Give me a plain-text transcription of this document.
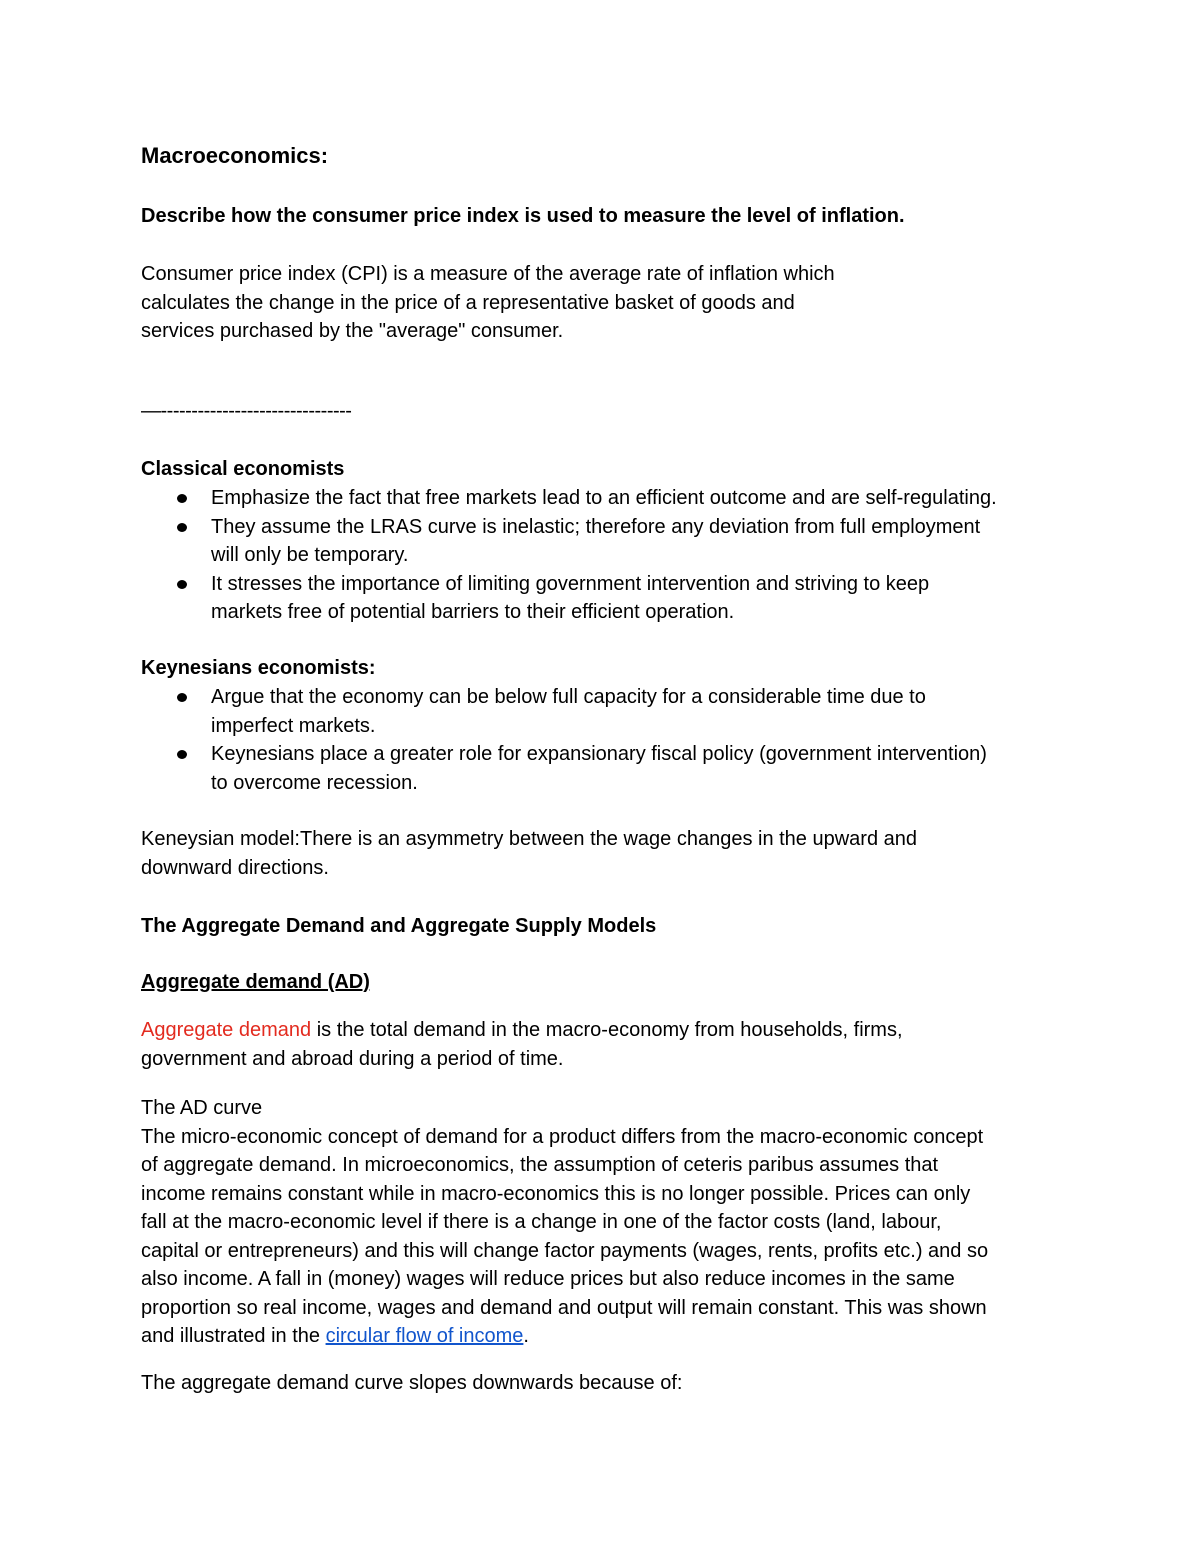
Macroeconomics:
Describe how the consumer price index is used to measure the level of inflation.
Consumer price index (CPI) is a measure of the average rate of inflation which
calculates the change in the price of a representative basket of goods and
services purchased by the "average" consumer.
—-------------------------------
Classical economists
Emphasize the fact that free markets lead to an efficient outcome and are self-regulating.
They assume the LRAS curve is inelastic; therefore any deviation from full employment
will only be temporary.
It stresses the importance of limiting government intervention and striving to keep
markets free of potential barriers to their efficient operation.
Keynesians economists:
Argue that the economy can be below full capacity for a considerable time due to
imperfect markets.
Keynesians place a greater role for expansionary fiscal policy (government intervention)
to overcome recession.
Keneysian model:There is an asymmetry between the wage changes in the upward and
downward directions.
The Aggregate Demand and Aggregate Supply Models
Aggregate demand (AD)
Aggregate demand is the total demand in the macro-economy from households, firms,
government and abroad during a period of time.
The AD curve
The micro-economic concept of demand for a product differs from the macro-economic concept
of aggregate demand. In microeconomics, the assumption of ceteris paribus assumes that
income remains constant while in macro-economics this is no longer possible. Prices can only
fall at the macro-economic level if there is a change in one of the factor costs (land, labour,
capital or entrepreneurs) and this will change factor payments (wages, rents, profits etc.) and so
also income. A fall in (money) wages will reduce prices but also reduce incomes in the same
proportion so real income, wages and demand and output will remain constant. This was shown
and illustrated in the circular flow of income.
The aggregate demand curve slopes downwards because of:
